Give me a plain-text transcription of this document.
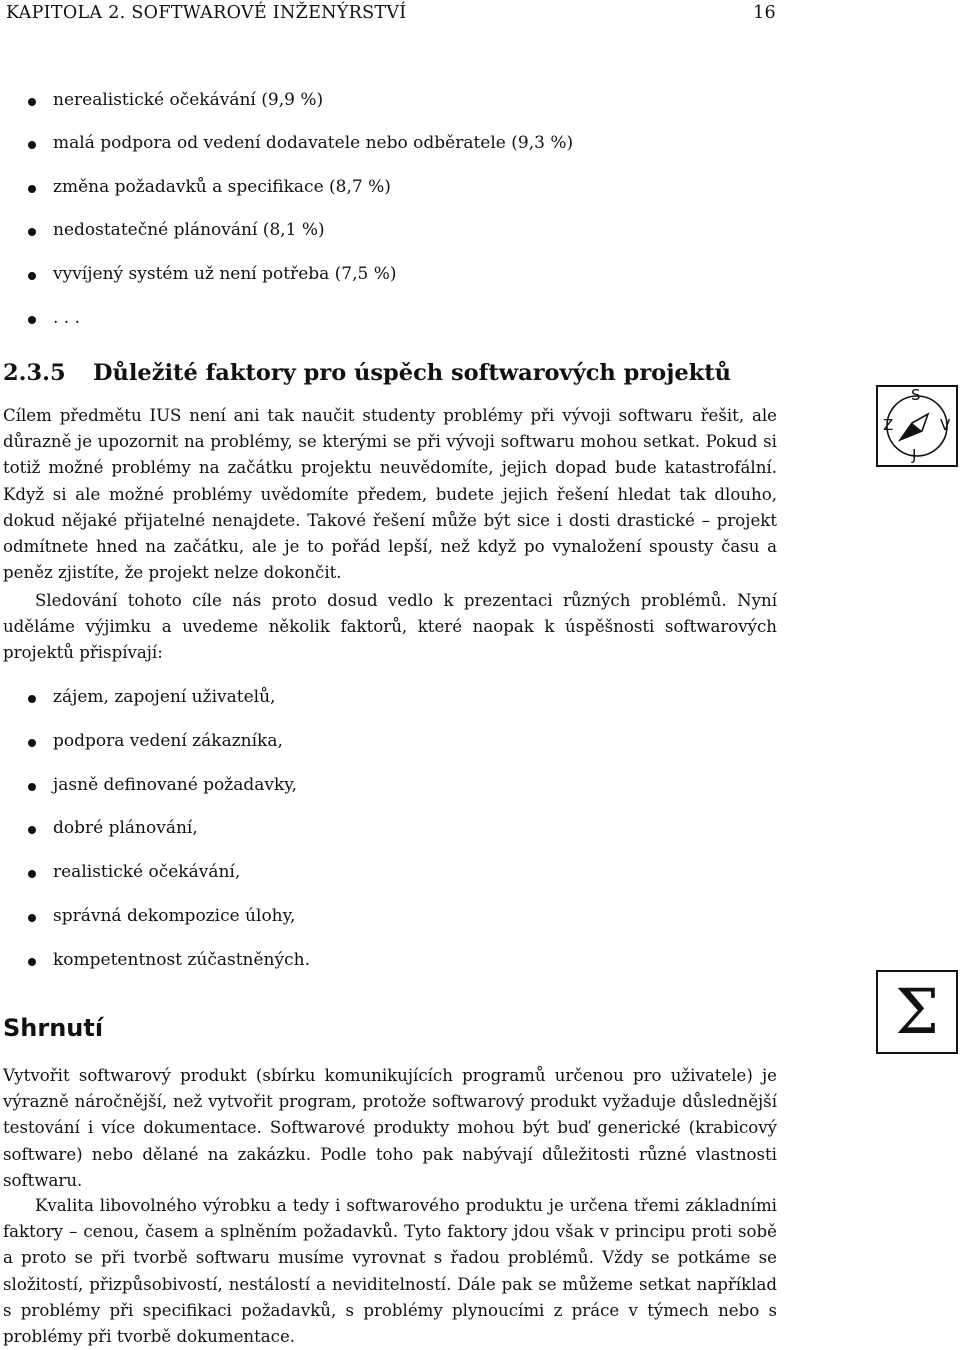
KAPITOLA 2. SOFTWAROVÉ INŽENÝRSTVÍ	16
nerealistické očekávání (9,9 %)
malá podpora od vedení dodavatele nebo odběratele (9,3 %)
změna požadavků a specifikace (8,7 %)
nedostatečné plánování (8,1 %)
vyvíjený systém už není potřeba (7,5 %)
. . .
2.3.5 Důležité faktory pro úspěch softwarových projektů
S
Z	V
J

Cílem předmětu IUS není ani tak naučit studenty problémy při vývoji softwaru řešit, ale důrazně je upozornit na problémy, se kterými se při vývoji softwaru mohou setkat. Pokud si totiž možné problémy na začátku projektu neuvědomíte, jejich dopad bude katastrofální. Když si ale možné problémy uvědomíte předem, budete jejich řešení hledat tak dlouho, dokud nějaké přijatelné nenajdete. Takové řešení může být sice i dosti drastické – projekt odmítnete hned na začátku, ale je to pořád lepší, než když po vynaložení spousty času a peněz zjistíte, že projekt nelze dokončit.

Sledování tohoto cíle nás proto dosud vedlo k prezentaci různých problémů. Nyní uděláme výjimku a uvedeme několik faktorů, které naopak k úspěšnosti softwarových projektů přispívají:

zájem, zapojení uživatelů,
podpora vedení zákazníka,
jasně definované požadavky,
dobré plánování,
realistické očekávání,
správná dekompozice úlohy,
kompetentnost zúčastněných.
Σ
Shrnutí

Vytvořit softwarový produkt (sbírku komunikujících programů určenou pro uživatele) je výrazně náročnější, než vytvořit program, protože softwarový produkt vyžaduje důslednější testování i více dokumentace. Softwarové produkty mohou být buď generické (krabicový software) nebo dělané na zakázku. Podle toho pak nabývají důležitosti různé vlastnosti softwaru.

Kvalita libovolného výrobku a tedy i softwarového produktu je určena třemi základními faktory – cenou, časem a splněním požadavků. Tyto faktory jdou však v principu proti sobě a proto se při tvorbě softwaru musíme vyrovnat s řadou problémů. Vždy se potkáme se složitostí, přizpůsobivostí, nestálostí a neviditelností. Dále pak se můžeme setkat například s problémy při specifikaci požadavků, s problémy plynoucími z práce v týmech nebo s problémy při tvorbě dokumentace.
